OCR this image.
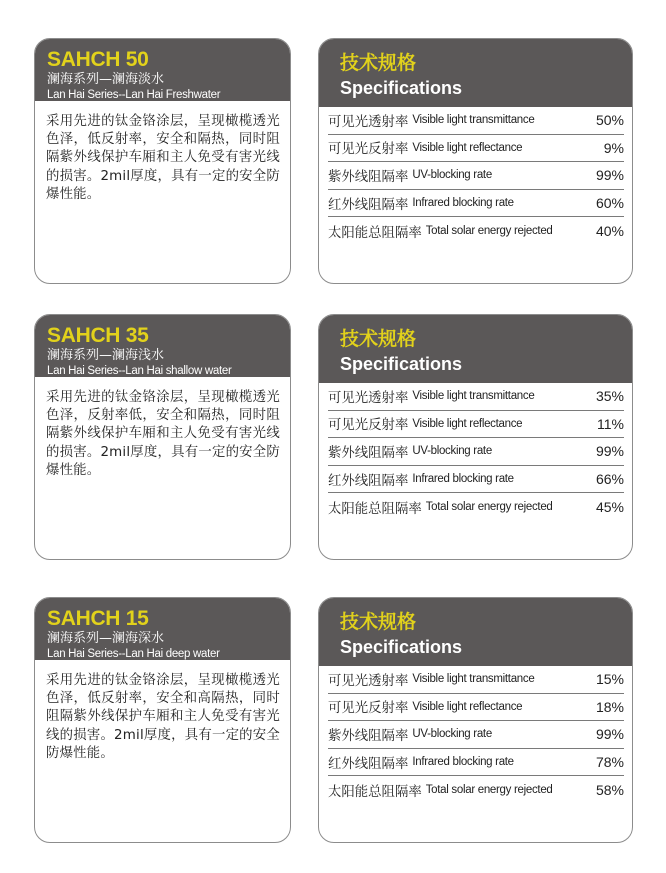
SAHCH 50
澜海系列—澜海淡水
Lan Hai Series--Lan Hai Freshwater
采用先进的钛金铬涂层，呈现橄榄透光色泽，低反射率，安全和隔热，同时阻隔紫外线保护车厢和主人免受有害光线的损害。2mil厚度，具有一定的安全防爆性能。
技术规格
Specifications
可见光透射率 Visible light transmittance	50%
可见光反射率 Visible light reflectance	9%
紫外线阻隔率 UV-blocking rate	99%
红外线阻隔率 Infrared blocking rate	60%
太阳能总阻隔率 Total solar energy rejected	40%
SAHCH 35
澜海系列—澜海浅水
Lan Hai Series--Lan Hai shallow water
采用先进的钛金铬涂层，呈现橄榄透光色泽，反射率低，安全和隔热，同时阻隔紫外线保护车厢和主人免受有害光线的损害。2mil厚度，具有一定的安全防爆性能。
技术规格
Specifications
可见光透射率 Visible light transmittance	35%
可见光反射率 Visible light reflectance	11%
紫外线阻隔率 UV-blocking rate	99%
红外线阻隔率 Infrared blocking rate	66%
太阳能总阻隔率 Total solar energy rejected	45%
SAHCH 15
澜海系列—澜海深水
Lan Hai Series--Lan Hai deep water
采用先进的钛金铬涂层，呈现橄榄透光色泽，低反射率，安全和高隔热，同时阻隔紫外线保护车厢和主人免受有害光线的损害。2mil厚度，具有一定的安全防爆性能。
技术规格
Specifications
可见光透射率 Visible light transmittance	15%
可见光反射率 Visible light reflectance	18%
紫外线阻隔率 UV-blocking rate	99%
红外线阻隔率 Infrared blocking rate	78%
太阳能总阻隔率 Total solar energy rejected	58%
